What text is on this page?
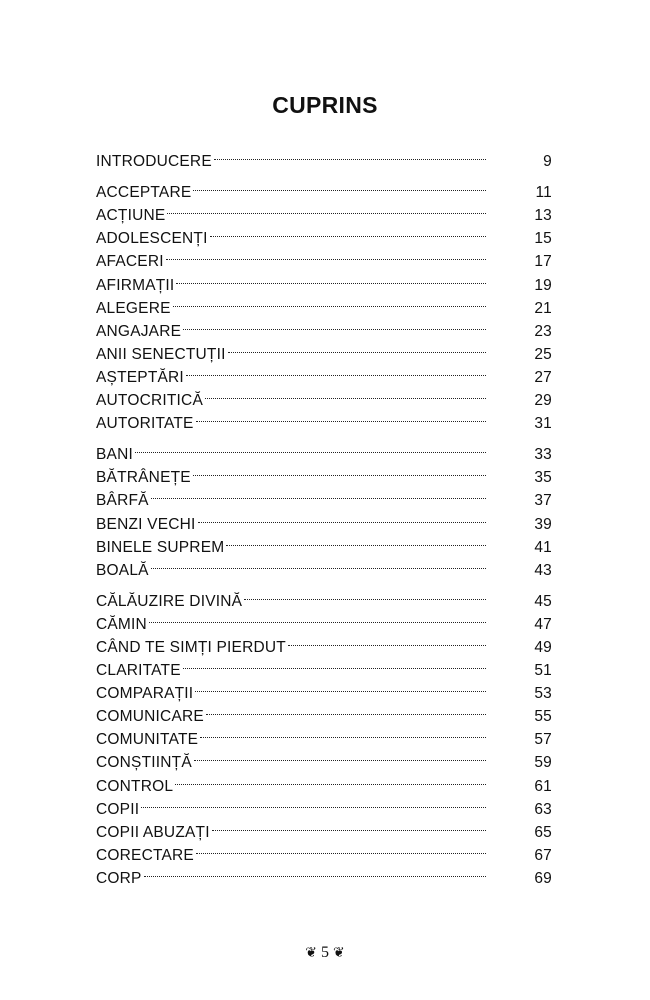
CUPRINS
INTRODUCERE	9
ACCEPTARE	11
ACȚIUNE	13
ADOLESCENȚI	15
AFACERI	17
AFIRMAȚII	19
ALEGERE	21
ANGAJARE	23
ANII SENECTUȚII	25
AȘTEPTĂRI	27
AUTOCRITICĂ	29
AUTORITATE	31
BANI	33
BĂTRÂNEȚE	35
BÂRFĂ	37
BENZI VECHI	39
BINELE SUPREM	41
BOALĂ	43
CĂLĂUZIRE DIVINĂ	45
CĂMIN	47
CÂND TE SIMȚI PIERDUT	49
CLARITATE	51
COMPARAȚII	53
COMUNICARE	55
COMUNITATE	57
CONȘTIINȚĂ	59
CONTROL	61
COPII	63
COPII ABUZAȚI	65
CORECTARE	67
CORP	69
❦ 5 ❦
